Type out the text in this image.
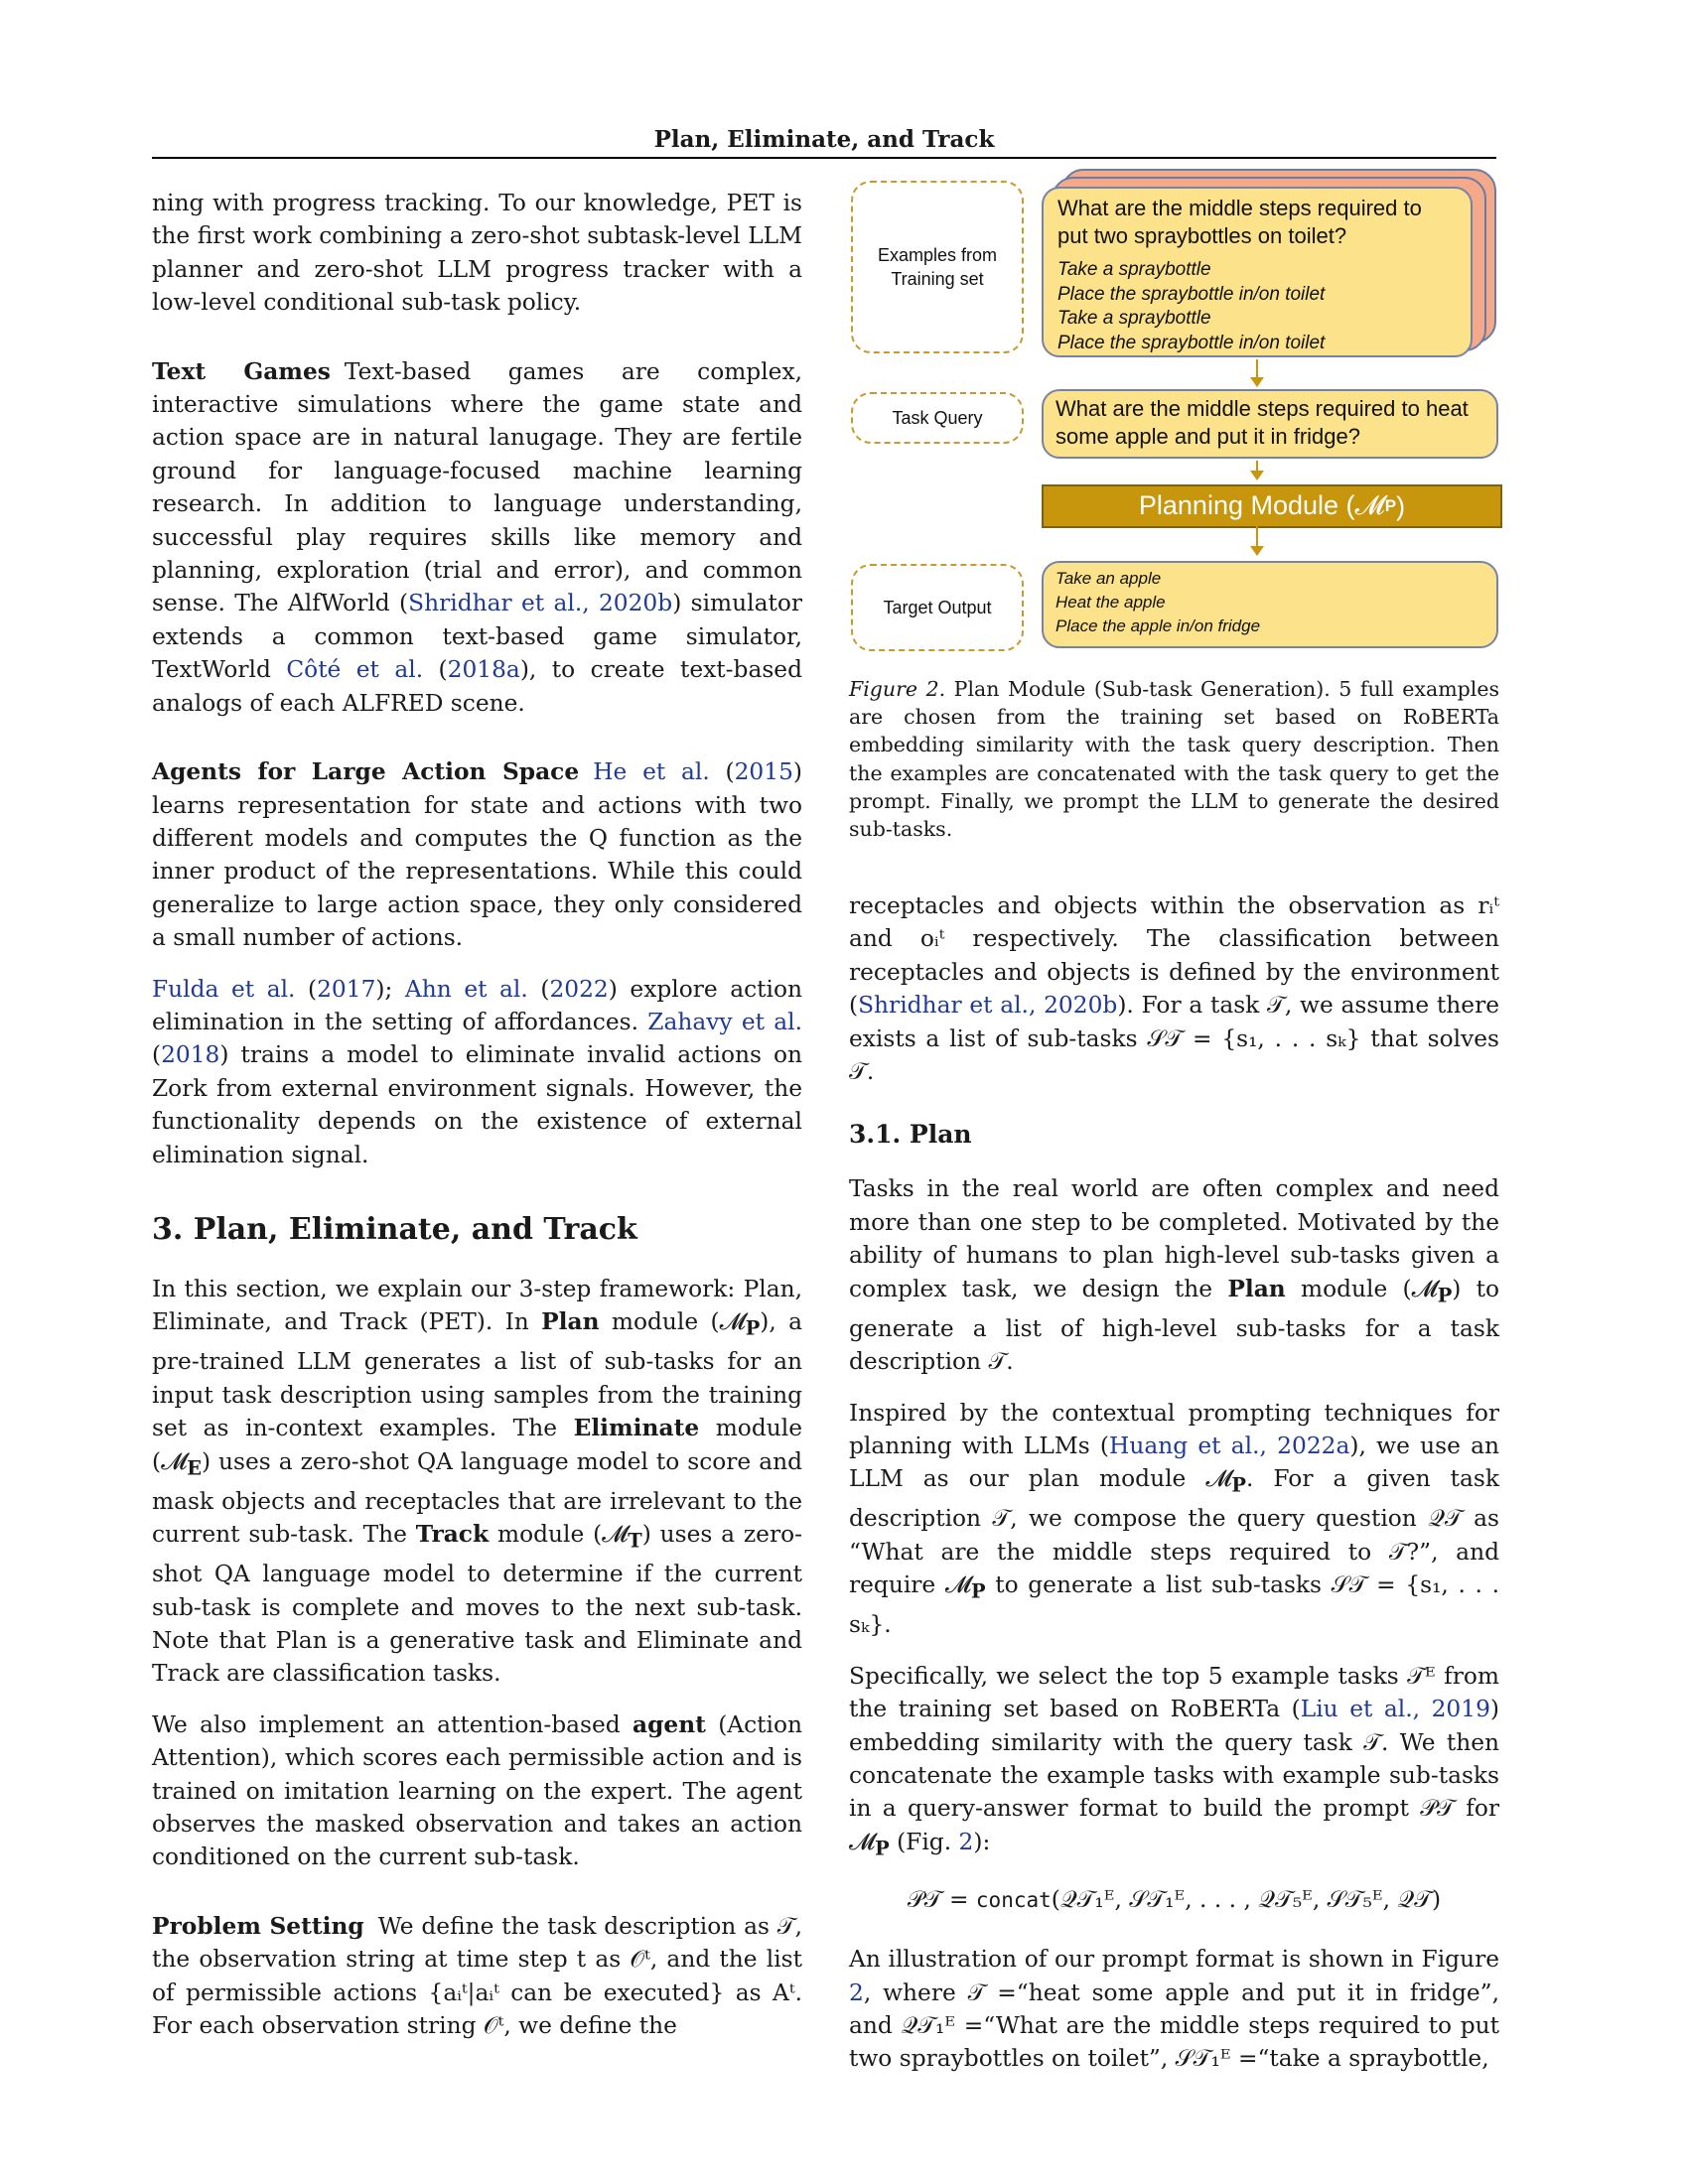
Plan, Eliminate, and Track

ning with progress tracking. To our knowledge, PET is the first work combining a zero-shot subtask-level LLM planner and zero-shot LLM progress tracker with a low-level conditional sub-task policy.

Text Games Text-based games are complex, interactive simulations where the game state and action space are in natural lanugage. They are fertile ground for language-focused machine learning research. In addition to language understanding, successful play requires skills like memory and planning, exploration (trial and error), and common sense. The AlfWorld (Shridhar et al., 2020b) simulator extends a common text-based game simulator, TextWorld Côté et al. (2018a), to create text-based analogs of each ALFRED scene.

Agents for Large Action Space He et al. (2015) learns representation for state and actions with two different models and computes the Q function as the inner product of the representations. While this could generalize to large action space, they only considered a small number of actions.

Fulda et al. (2017); Ahn et al. (2022) explore action elimination in the setting of affordances. Zahavy et al. (2018) trains a model to eliminate invalid actions on Zork from external environment signals. However, the functionality depends on the existence of external elimination signal.

3. Plan, Eliminate, and Track

In this section, we explain our 3-step framework: Plan, Eliminate, and Track (PET). In Plan module (𝓜$_P$), a pre-trained LLM generates a list of sub-tasks for an input task description using samples from the training set as in-context examples. The Eliminate module (𝓜$_E$) uses a zero-shot QA language model to score and mask objects and receptacles that are irrelevant to the current sub-task. The Track module (𝓜$_T$) uses a zero-shot QA language model to determine if the current sub-task is complete and moves to the next sub-task. Note that Plan is a generative task and Eliminate and Track are classification tasks.

We also implement an attention-based agent (Action Attention), which scores each permissible action and is trained on imitation learning on the expert. The agent observes the masked observation and takes an action conditioned on the current sub-task.

Problem Setting We define the task description as 𝒯, the observation string at time step t as 𝒪ᵗ, and the list of permissible actions {aᵢᵗ|aᵢᵗ can be executed} as Aᵗ. For each observation string 𝒪ᵗ, we define the

Examples from Training set
Task Query
Target Output
What are the middle steps required to put two spraybottles on toilet?
Take a spraybottle
Place the spraybottle in/on toilet
Take a spraybottle
Place the spraybottle in/on toilet
What are the middle steps required to heat some apple and put it in fridge?
Planning Module (𝓜 P )
Take an apple
Heat the apple
Place the apple in/on fridge
Figure 2. Plan Module (Sub-task Generation). 5 full examples are chosen from the training set based on RoBERTa embedding similarity with the task query description. Then the examples are concatenated with the task query to get the prompt. Finally, we prompt the LLM to generate the desired sub-tasks.

receptacles and objects within the observation as rᵢᵗ and oᵢᵗ respectively. The classification between receptacles and objects is defined by the environment (Shridhar et al., 2020b). For a task 𝒯, we assume there exists a list of sub-tasks 𝒮𝒯 = {s₁, . . . sₖ} that solves 𝒯.

3.1. Plan

Tasks in the real world are often complex and need more than one step to be completed. Motivated by the ability of humans to plan high-level sub-tasks given a complex task, we design the Plan module (𝓜$_P$) to generate a list of high-level sub-tasks for a task description 𝒯.

Inspired by the contextual prompting techniques for planning with LLMs (Huang et al., 2022a), we use an LLM as our plan module 𝓜$_P$. For a given task description 𝒯, we compose the query question 𝒬𝒯 as “What are the middle steps required to 𝒯?”, and require 𝓜$_P$ to generate a list sub-tasks 𝒮𝒯 = {s₁, . . . sₖ}.

Specifically, we select the top 5 example tasks 𝒯ᴱ from the training set based on RoBERTa (Liu et al., 2019) embedding similarity with the query task 𝒯. We then concatenate the example tasks with example sub-tasks in a query-answer format to build the prompt 𝒫𝒯 for 𝓜$_P$ (Fig. 2):

𝒫𝒯 = concat(𝒬𝒯₁ᴱ, 𝒮𝒯₁ᴱ, . . . , 𝒬𝒯₅ᴱ, 𝒮𝒯₅ᴱ, 𝒬𝒯)

An illustration of our prompt format is shown in Figure 2, where 𝒯 =“heat some apple and put it in fridge”, and 𝒬𝒯₁ᴱ =“What are the middle steps required to put two spraybottles on toilet”, 𝒮𝒯₁ᴱ =“take a spraybottle,
